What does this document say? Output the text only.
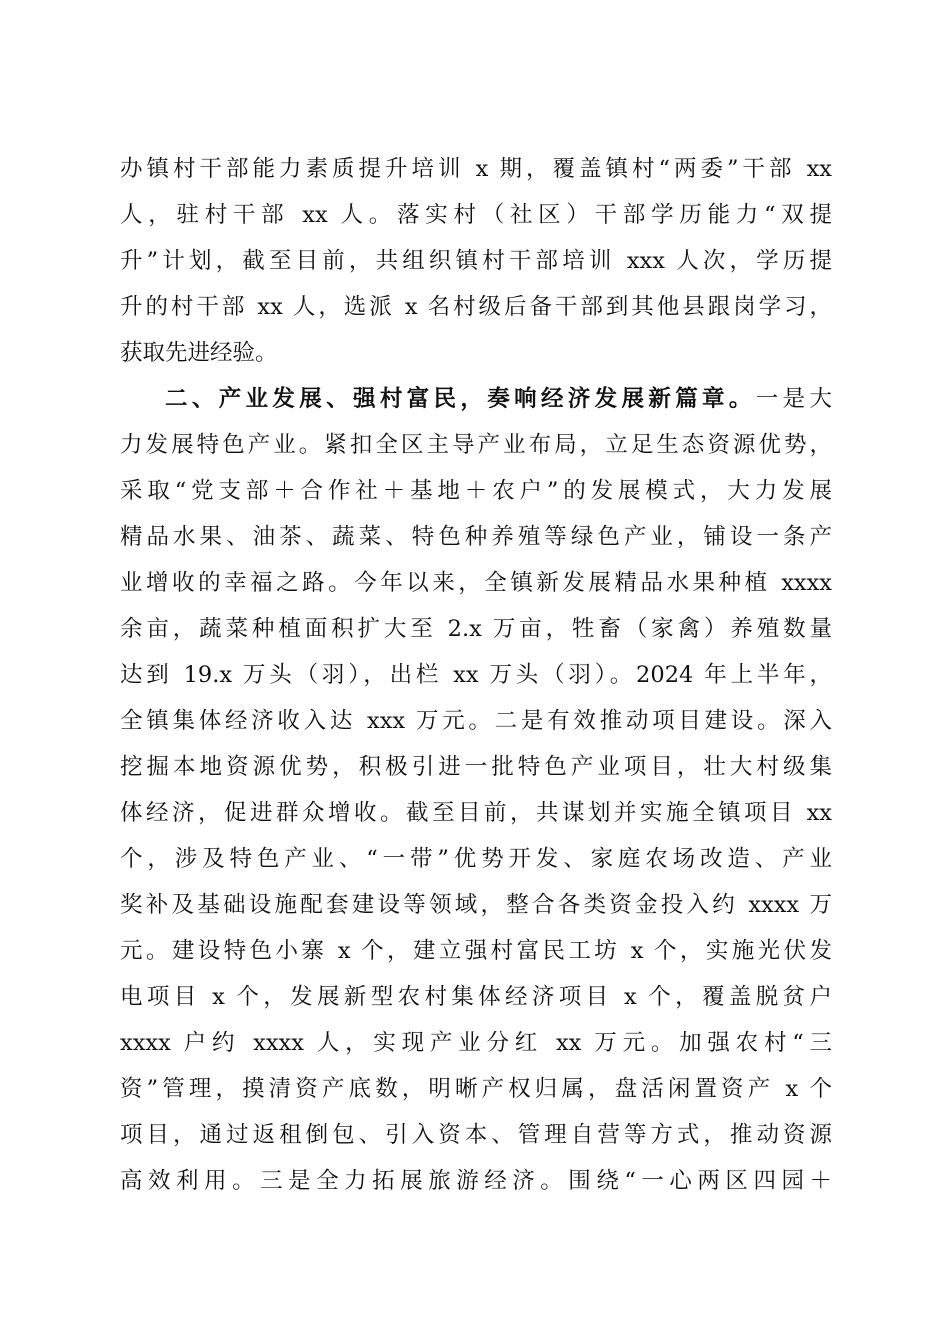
办镇村干部能力素质提升培训 x 期，覆盖镇村“两委”干部 xx
人，驻村干部 xx 人。落实村（社区）干部学历能力“双提
升”计划，截至目前，共组织镇村干部培训 xxx 人次，学历提
升的村干部 xx 人，选派 x 名村级后备干部到其他县跟岗学习，
获取先进经验。
二、产业发展、强村富民，奏响经济发展新篇章。一是大
力发展特色产业。紧扣全区主导产业布局，立足生态资源优势，
采取“党支部＋合作社＋基地＋农户”的发展模式，大力发展
精品水果、油茶、蔬菜、特色种养殖等绿色产业，铺设一条产
业增收的幸福之路。今年以来，全镇新发展精品水果种植 xxxx
余亩，蔬菜种植面积扩大至 2.x 万亩，牲畜（家禽）养殖数量
达到 19.x 万头（羽），出栏 xx 万头（羽）。2024 年上半年，
全镇集体经济收入达 xxx 万元。二是有效推动项目建设。深入
挖掘本地资源优势，积极引进一批特色产业项目，壮大村级集
体经济，促进群众增收。截至目前，共谋划并实施全镇项目 xx
个，涉及特色产业、“一带”优势开发、家庭农场改造、产业
奖补及基础设施配套建设等领域，整合各类资金投入约 xxxx 万
元。建设特色小寨 x 个，建立强村富民工坊 x 个，实施光伏发
电项目 x 个，发展新型农村集体经济项目 x 个，覆盖脱贫户
xxxx 户约 xxxx 人，实现产业分红 xx 万元。加强农村“三
资”管理，摸清资产底数，明晰产权归属，盘活闲置资产 x 个
项目，通过返租倒包、引入资本、管理自营等方式，推动资源
高效利用。三是全力拓展旅游经济。围绕“一心两区四园＋
